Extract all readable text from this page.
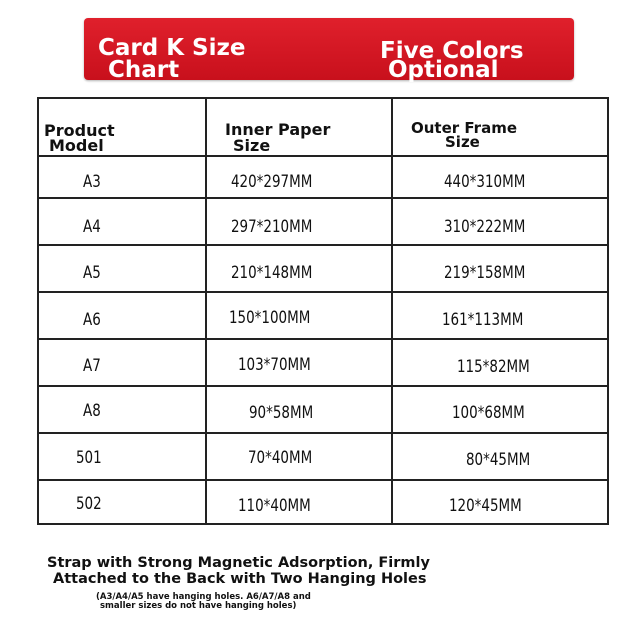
Card K Size
Chart
Five Colors
Optional
Product
Model
Inner Paper
Size
Outer Frame
Size
A3	420*297MM	440*310MM
A4	297*210MM	310*222MM
A5	210*148MM	219*158MM
A6	150*100MM	161*113MM
A7	103*70MM	115*82MM
A8	90*58MM	100*68MM
501	70*40MM	80*45MM
502	110*40MM	120*45MM
Strap with Strong Magnetic Adsorption, Firmly
Attached to the Back with Two Hanging Holes
(A3/A4/A5 have hanging holes. A6/A7/A8 and
smaller sizes do not have hanging holes)
